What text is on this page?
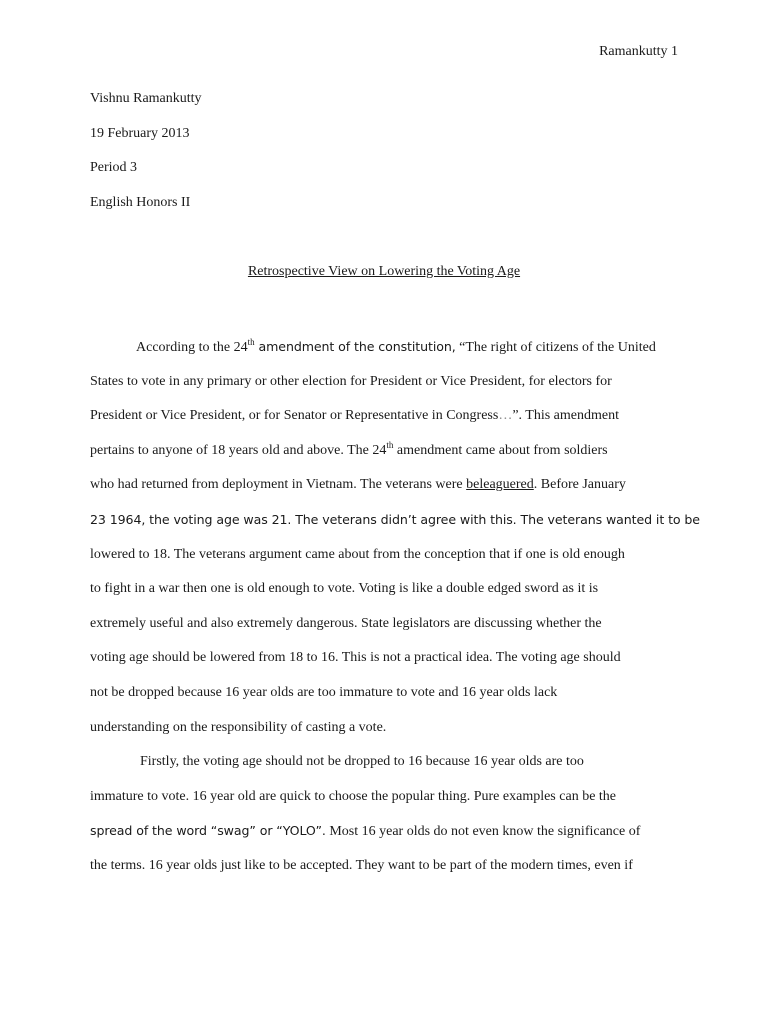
Ramankutty 1
Vishnu Ramankutty
19 February 2013
Period 3
English Honors II
Retrospective View on Lowering the Voting Age
According to the 24th amendment of the constitution, “The right of citizens of the United
States to vote in any primary or other election for President or Vice President, for electors for
President or Vice President, or for Senator or Representative in Congress…”. This amendment
pertains to anyone of 18 years old and above. The 24th amendment came about from soldiers
who had returned from deployment in Vietnam. The veterans were beleaguered. Before January
23 1964, the voting age was 21. The veterans didn’t agree with this. The veterans wanted it to be
lowered to 18. The veterans argument came about from the conception that if one is old enough
to fight in a war then one is old enough to vote. Voting is like a double edged sword as it is
extremely useful and also extremely dangerous. State legislators are discussing whether the
voting age should be lowered from 18 to 16. This is not a practical idea. The voting age should
not be dropped because 16 year olds are too immature to vote and 16 year olds lack
understanding on the responsibility of casting a vote.
Firstly, the voting age should not be dropped to 16 because 16 year olds are too
immature to vote. 16 year old are quick to choose the popular thing. Pure examples can be the
spread of the word “swag” or “YOLO”. Most 16 year olds do not even know the significance of
the terms. 16 year olds just like to be accepted. They want to be part of the modern times, even if
